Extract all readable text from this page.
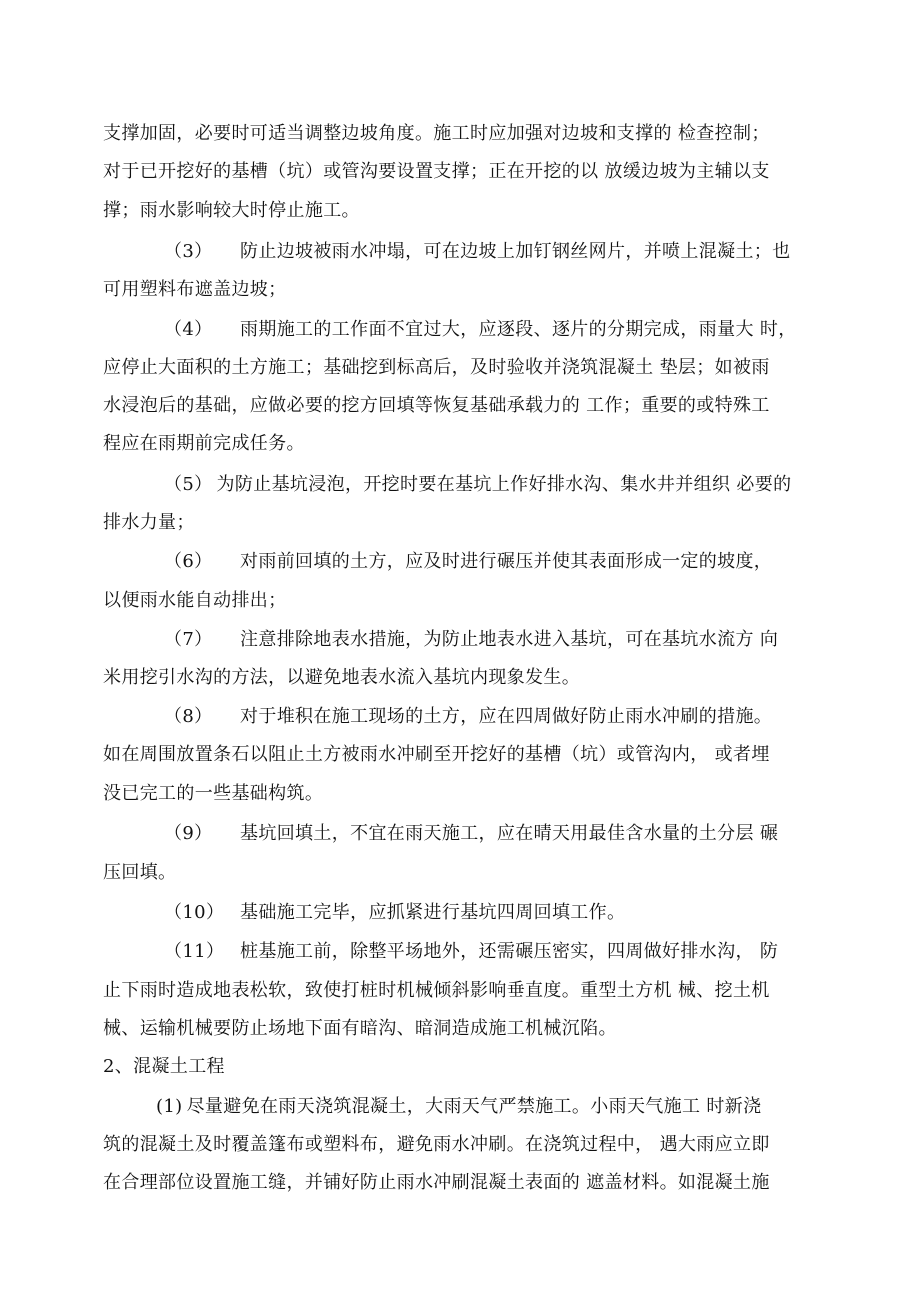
支撑加固，必要时可适当调整边坡角度。施工时应加强对边坡和支撑的 检查控制；
对于已开挖好的基槽（坑）或管沟要设置支撑；正在开挖的以 放缓边坡为主辅以支
撑；雨水影响较大时停止施工。
（3） 防止边坡被雨水冲塌，可在边坡上加钉钢丝网片，并喷上混凝土；也
可用塑料布遮盖边坡；
（4） 雨期施工的工作面不宜过大，应逐段、逐片的分期完成，雨量大 时，
应停止大面积的土方施工；基础挖到标高后，及时验收并浇筑混凝土 垫层；如被雨
水浸泡后的基础，应做必要的挖方回填等恢复基础承载力的 工作；重要的或特殊工
程应在雨期前完成任务。
（5） 为防止基坑浸泡，开挖时要在基坑上作好排水沟、集水井并组织 必要的
排水力量；
（6） 对雨前回填的土方，应及时进行碾压并使其表面形成一定的坡度，
以便雨水能自动排出；
（7） 注意排除地表水措施，为防止地表水进入基坑，可在基坑水流方 向
米用挖引水沟的方法，以避免地表水流入基坑内现象发生。
（8） 对于堆积在施工现场的土方，应在四周做好防止雨水冲刷的措施。
如在周围放置条石以阻止土方被雨水冲刷至开挖好的基槽（坑）或管沟内， 或者埋
没已完工的一些基础构筑。
（9） 基坑回填土，不宜在雨天施工，应在晴天用最佳含水量的土分层 碾
压回填。
（10） 基础施工完毕，应抓紧进行基坑四周回填工作。
（11） 桩基施工前，除整平场地外，还需碾压密实，四周做好排水沟， 防
止下雨时造成地表松软，致使打桩时机械倾斜影响垂直度。重型土方机 械、挖土机
械、运输机械要防止场地下面有暗沟、暗洞造成施工机械沉陷。
2、混凝土工程
(1) 尽量避免在雨天浇筑混凝土，大雨天气严禁施工。小雨天气施工 时新浇
筑的混凝土及时覆盖篷布或塑料布，避免雨水冲刷。在浇筑过程中， 遇大雨应立即
在合理部位设置施工缝，并铺好防止雨水冲刷混凝土表面的 遮盖材料。如混凝土施
